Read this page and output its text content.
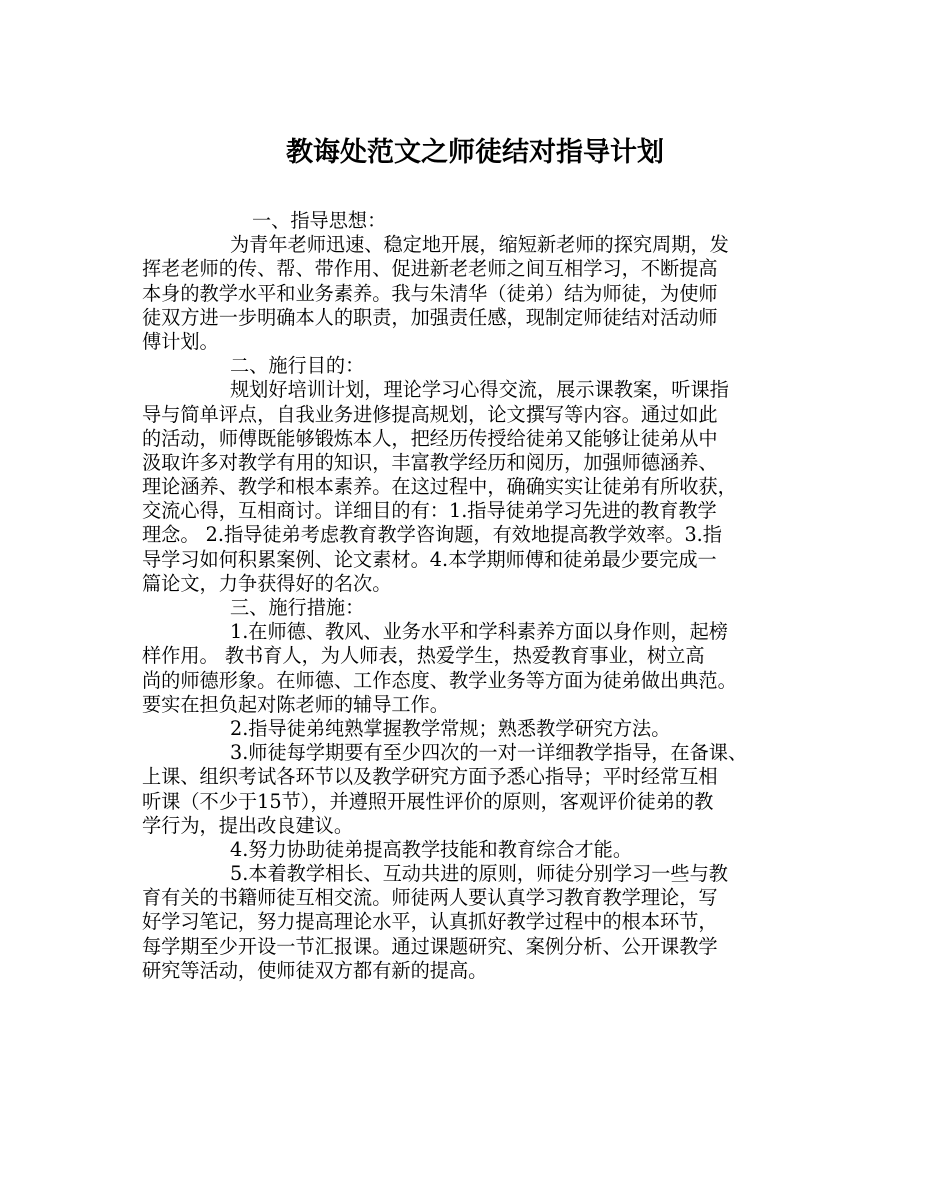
教诲处范文之师徒结对指导计划
一、指导思想：
为青年老师迅速、稳定地开展，缩短新老师的探究周期，发
挥老老师的传、帮、带作用、促进新老老师之间互相学习，不断提高
本身的教学水平和业务素养。我与朱清华（徒弟）结为师徒，为使师
徒双方进一步明确本人的职责，加强责任感，现制定师徒结对活动师
傅计划。
二、施行目的：
规划好培训计划，理论学习心得交流，展示课教案，听课指
导与简单评点，自我业务进修提高规划，论文撰写等内容。通过如此
的活动，师傅既能够锻炼本人，把经历传授给徒弟又能够让徒弟从中
汲取许多对教学有用的知识，丰富教学经历和阅历，加强师德涵养、
理论涵养、教学和根本素养。在这过程中，确确实实让徒弟有所收获，
交流心得，互相商讨。详细目的有：1.指导徒弟学习先进的教育教学
理念。 2.指导徒弟考虑教育教学咨询题，有效地提高教学效率。3.指
导学习如何积累案例、论文素材。4.本学期师傅和徒弟最少要完成一
篇论文，力争获得好的名次。
三、施行措施：
1.在师德、教风、业务水平和学科素养方面以身作则，起榜
样作用。 教书育人，为人师表，热爱学生，热爱教育事业，树立高
尚的师德形象。在师德、工作态度、教学业务等方面为徒弟做出典范。
要实在担负起对陈老师的辅导工作。
2.指导徒弟纯熟掌握教学常规；熟悉教学研究方法。
3.师徒每学期要有至少四次的一对一详细教学指导，在备课、
上课、组织考试各环节以及教学研究方面予悉心指导；平时经常互相
听课（不少于15节），并遵照开展性评价的原则，客观评价徒弟的教
学行为，提出改良建议。
4.努力协助徒弟提高教学技能和教育综合才能。
5.本着教学相长、互动共进的原则，师徒分别学习一些与教
育有关的书籍师徒互相交流。师徒两人要认真学习教育教学理论，写
好学习笔记，努力提高理论水平，认真抓好教学过程中的根本环节，
每学期至少开设一节汇报课。通过课题研究、案例分析、公开课教学
研究等活动，使师徒双方都有新的提高。
